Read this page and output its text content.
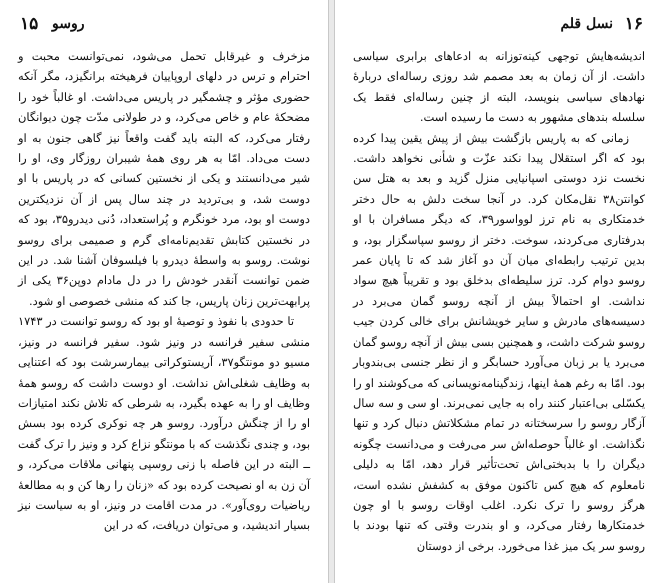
۱۵ روسو

مزخرف و غیرقابل تحمل می‌شود، نمی‌توانست محبت و احترام و ترس در دلهای اروپاییان فرهیخته برانگیزد، مگر آنکه حضوری مؤثر و چشمگیر در پاریس می‌داشت. او غالباً خود را مضحکهٔ عام و خاص می‌کرد، و در طولانی مدّت چون دیوانگان رفتار می‌کرد، که البته باید گفت واقعاً نیز گاهی جنون به او دست می‌داد. امّا به هر روی همهٔ شیبران روزگار وی، او را شیر می‌دانستند و یکی از نخستین کسانی که در پاریس با او دوست شد، و بی‌تردید در چند سال پس از آن نزدیکترین دوست او بود، مرد خونگرم و پُراستعداد، دُنی دیدرو۳۵، بود که در نخستین کتابش تقدیم‌نامه‌ای گرم و صمیمی برای روسو نوشت. روسو به واسطهٔ دیدرو با فیلسوفان آشنا شد. در این ضمن توانست آنقدر خودش را در دل مادام دوپن۳۶ یکی از پرابهت‌ترین زنان پاریس، جا کند که منشی خصوصی او شود.

تا حدودی با نفوذ و توصیهٔ او بود که روسو توانست در ۱۷۴۳ منشی سفیر فرانسه در ونیز شود. سفیر فرانسه در ونیز، مسیو دو مونتگو۳۷، آریستوکراتی بیمارسرشت بود که اعتنایی به وظایف شغلی‌اش نداشت. او دوست داشت که روسو همهٔ وظایف او را به عهده بگیرد، به شرطی که تلاش نکند امتیازات او را از چنگش درآورد. روسو هر چه نوکری کرده بود بسش بود، و چندی نگذشت که با مونتگو نزاع کرد و ونیز را ترک گفت ــ البته در این فاصله با زنی روسپی پنهانی ملاقات می‌کرد، و آن زن به او نصیحت کرده بود که «زنان را رها کن و به مطالعهٔ ریاضیات روی‌آور». در مدت اقامت در ونیز، او به سیاست نیز بسیار اندیشید، و می‌توان دریافت، که در این

۱۶
نسل قلم

اندیشه‌هایش توجهی کینه‌توزانه به ادعاهای برابری سیاسی داشت. از آن زمان به بعد مصمم شد روزی رساله‌ای دربارهٔ نهادهای سیاسی بنویسد، البته از چنین رساله‌ای فقط یک سلسله بندهای مشهور به دست ما رسیده است.

زمانی که به پاریس بازگشت بیش از پیش یقین پیدا کرده بود که اگر استقلال پیدا نکند عزّت و شأنی نخواهد داشت. نخست نزد دوستی اسپانیایی منزل گزید و بعد به هتل سن کوانتن۳۸ نقل‌مکان کرد. در آنجا سخت دلش به حال دختر خدمتکاری به نام ترز لوواسور۳۹، که دیگر مسافران با او بدرفتاری می‌کردند، سوخت. دختر از روسو سپاسگزار بود، و بدین ترتیب رابطه‌ای میان آن دو آغاز شد که تا پایان عمر روسو دوام کرد. ترز سلیطه‌ای بدخلق بود و تقریباً هیچ سواد نداشت. او احتمالاً بیش از آنچه روسو گمان می‌برد در دسیسه‌های مادرش و سایر خویشانش برای خالی کردن جیب روسو شرکت داشت، و همچنین بسی بیش از آنچه روسو گمان می‌برد یا بر زبان می‌آورد حسابگر و از نظر جنسی بی‌بندوبار بود. امّا به رغم همهٔ اینها، زندگینامه‌نویسانی که می‌کوشند او را یکسّلی بی‌اعتبار کنند راه به جایی نمی‌برند. او سی و سه سال آزگار روسو را سرسختانه در تمام مشکلاتش دنبال کرد و تنها نگذاشت. او غالباً حوصله‌اش سر می‌رفت و می‌دانست چگونه دیگران را با بدبختی‌اش تحت‌تأثیر قرار دهد، امّا به دلیلی نامعلوم که هیچ کس تاکنون موفق به کشفش نشده است، هرگز روسو را ترک نکرد. اغلب اوقات روسو با او چون خدمتکارها رفتار می‌کرد، و او بندرت وقتی که تنها بودند با روسو سر یک میز غذا می‌خورد. برخی از دوستان
